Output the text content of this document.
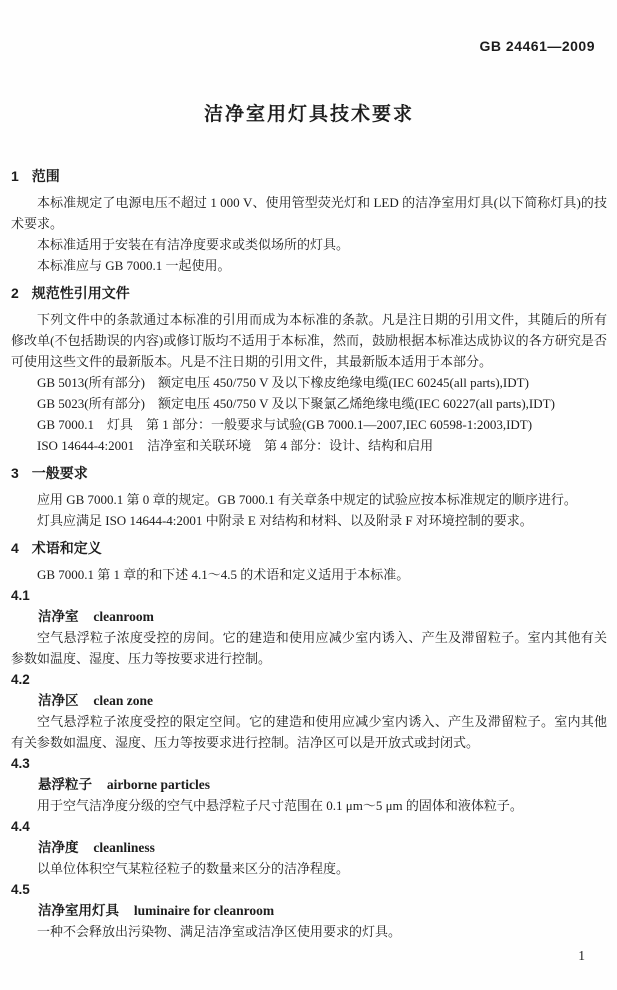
GB 24461—2009
洁净室用灯具技术要求
1 范围

本标准规定了电源电压不超过 1 000 V、使用管型荧光灯和 LED 的洁净室用灯具(以下简称灯具)的技术要求。

本标准适用于安装在有洁净度要求或类似场所的灯具。

本标准应与 GB 7000.1 一起使用。

2 规范性引用文件

下列文件中的条款通过本标准的引用而成为本标准的条款。凡是注日期的引用文件，其随后的所有修改单(不包括勘误的内容)或修订版均不适用于本标准，然而，鼓励根据本标准达成协议的各方研究是否可使用这些文件的最新版本。凡是不注日期的引用文件，其最新版本适用于本部分。

GB 5013(所有部分)　额定电压 450/750 V 及以下橡皮绝缘电缆(IEC 60245(all parts),IDT)

GB 5023(所有部分)　额定电压 450/750 V 及以下聚氯乙烯绝缘电缆(IEC 60227(all parts),IDT)

GB 7000.1　灯具　第 1 部分：一般要求与试验(GB 7000.1—2007,IEC 60598-1:2003,IDT)

ISO 14644-4:2001　洁净室和关联环境　第 4 部分：设计、结构和启用

3 一般要求

应用 GB 7000.1 第 0 章的规定。GB 7000.1 有关章条中规定的试验应按本标准规定的顺序进行。

灯具应满足 ISO 14644-4:2001 中附录 E 对结构和材料、以及附录 F 对环境控制的要求。

4 术语和定义

GB 7000.1 第 1 章的和下述 4.1～4.5 的术语和定义适用于本标准。

4.1
洁净室 cleanroom

空气悬浮粒子浓度受控的房间。它的建造和使用应减少室内诱入、产生及滞留粒子。室内其他有关参数如温度、湿度、压力等按要求进行控制。

4.2
洁净区 clean zone

空气悬浮粒子浓度受控的限定空间。它的建造和使用应减少室内诱入、产生及滞留粒子。室内其他有关参数如温度、湿度、压力等按要求进行控制。洁净区可以是开放式或封闭式。

4.3
悬浮粒子 airborne particles

用于空气洁净度分级的空气中悬浮粒子尺寸范围在 0.1 μm～5 μm 的固体和液体粒子。

4.4
洁净度 cleanliness

以单位体积空气某粒径粒子的数量来区分的洁净程度。

4.5
洁净室用灯具 luminaire for cleanroom

一种不会释放出污染物、满足洁净室或洁净区使用要求的灯具。

1
